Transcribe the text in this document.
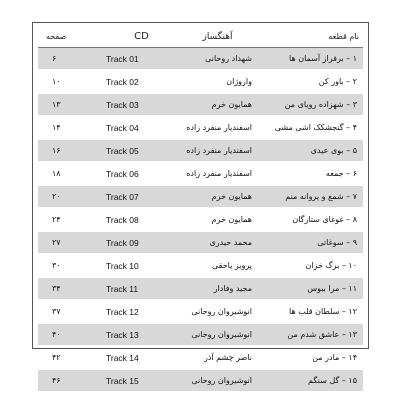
نام قطعه	آهنگساز	CD	صفحه
۱ – برفراز آسمان ها	شهداد روحانی	Track 01	۶
۲ – باور کن	واروژان	Track 02	۱۰
۳ – شهزاده رویای من	همایون خرم	Track 03	۱۳
۴ – گنجشکک اشی مشی	اسفندیار منفرد زاده	Track 04	۱۴
۵ – بوی عیدی	اسفندیار منفرد زاده	Track 05	۱۶
۶ – جمعه	اسفندیار منفرد زاده	Track 06	۱۸
۷ – شمع و پروانه منم	همایون خرم	Track 07	۲۰
۸ – غوغای ستارگان	همایون خرم	Track 08	۲۴
۹ – سوغاتی	محمد حیدری	Track 09	۲۷
۱۰ – برگ خزان	پرویز یاحقی	Track 10	۳۰
۱۱ – مرا ببوس	مجید وفادار	Track 11	۳۴
۱۲ – سلطان قلب ها	انوشیروان روحانی	Track 12	۳۷
۱۳ – عاشق شدم من	انوشیروان روحانی	Track 13	۴۰
۱۴ – مادر من	ناصر چشم آذر	Track 14	۴۲
۱۵ – گل سنگم	انوشیروان روحانی	Track 15	۴۶
